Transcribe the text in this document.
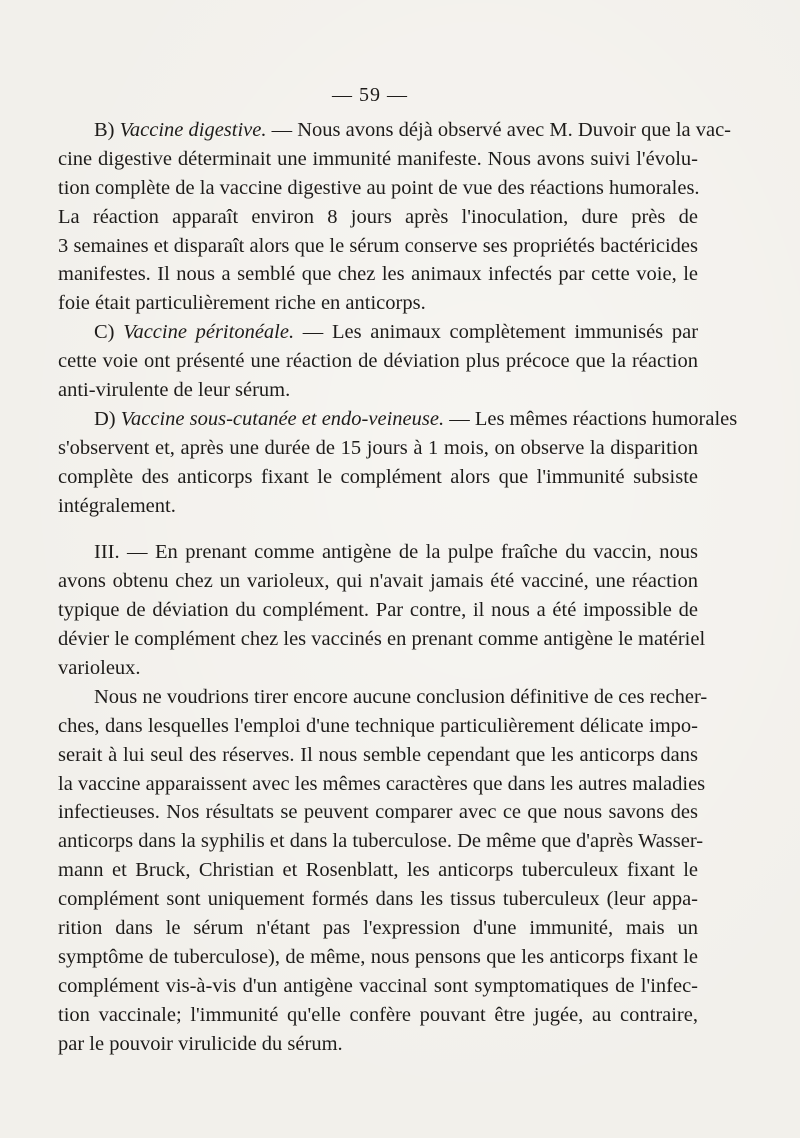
— 59 —
B) Vaccine digestive. — Nous avons déjà observé avec M. Duvoir que la vac-
cine digestive déterminait une immunité manifeste. Nous avons suivi l'évolu-
tion complète de la vaccine digestive au point de vue des réactions humorales.
La réaction apparaît environ 8 jours après l'inoculation, dure près de
3 semaines et disparaît alors que le sérum conserve ses propriétés bactéricides
manifestes. Il nous a semblé que chez les animaux infectés par cette voie, le
foie était particulièrement riche en anticorps.
C) Vaccine péritonéale. — Les animaux complètement immunisés par
cette voie ont présenté une réaction de déviation plus précoce que la réaction
anti-virulente de leur sérum.
D) Vaccine sous-cutanée et endo-veineuse. — Les mêmes réactions humorales
s'observent et, après une durée de 15 jours à 1 mois, on observe la disparition
complète des anticorps fixant le complément alors que l'immunité subsiste
intégralement.
III. — En prenant comme antigène de la pulpe fraîche du vaccin, nous
avons obtenu chez un varioleux, qui n'avait jamais été vacciné, une réaction
typique de déviation du complément. Par contre, il nous a été impossible de
dévier le complément chez les vaccinés en prenant comme antigène le matériel
varioleux.
Nous ne voudrions tirer encore aucune conclusion définitive de ces recher-
ches, dans lesquelles l'emploi d'une technique particulièrement délicate impo-
serait à lui seul des réserves. Il nous semble cependant que les anticorps dans
la vaccine apparaissent avec les mêmes caractères que dans les autres maladies
infectieuses. Nos résultats se peuvent comparer avec ce que nous savons des
anticorps dans la syphilis et dans la tuberculose. De même que d'après Wasser-
mann et Bruck, Christian et Rosenblatt, les anticorps tuberculeux fixant le
complément sont uniquement formés dans les tissus tuberculeux (leur appa-
rition dans le sérum n'étant pas l'expression d'une immunité, mais un
symptôme de tuberculose), de même, nous pensons que les anticorps fixant le
complément vis-à-vis d'un antigène vaccinal sont symptomatiques de l'infec-
tion vaccinale; l'immunité qu'elle confère pouvant être jugée, au contraire,
par le pouvoir virulicide du sérum.
